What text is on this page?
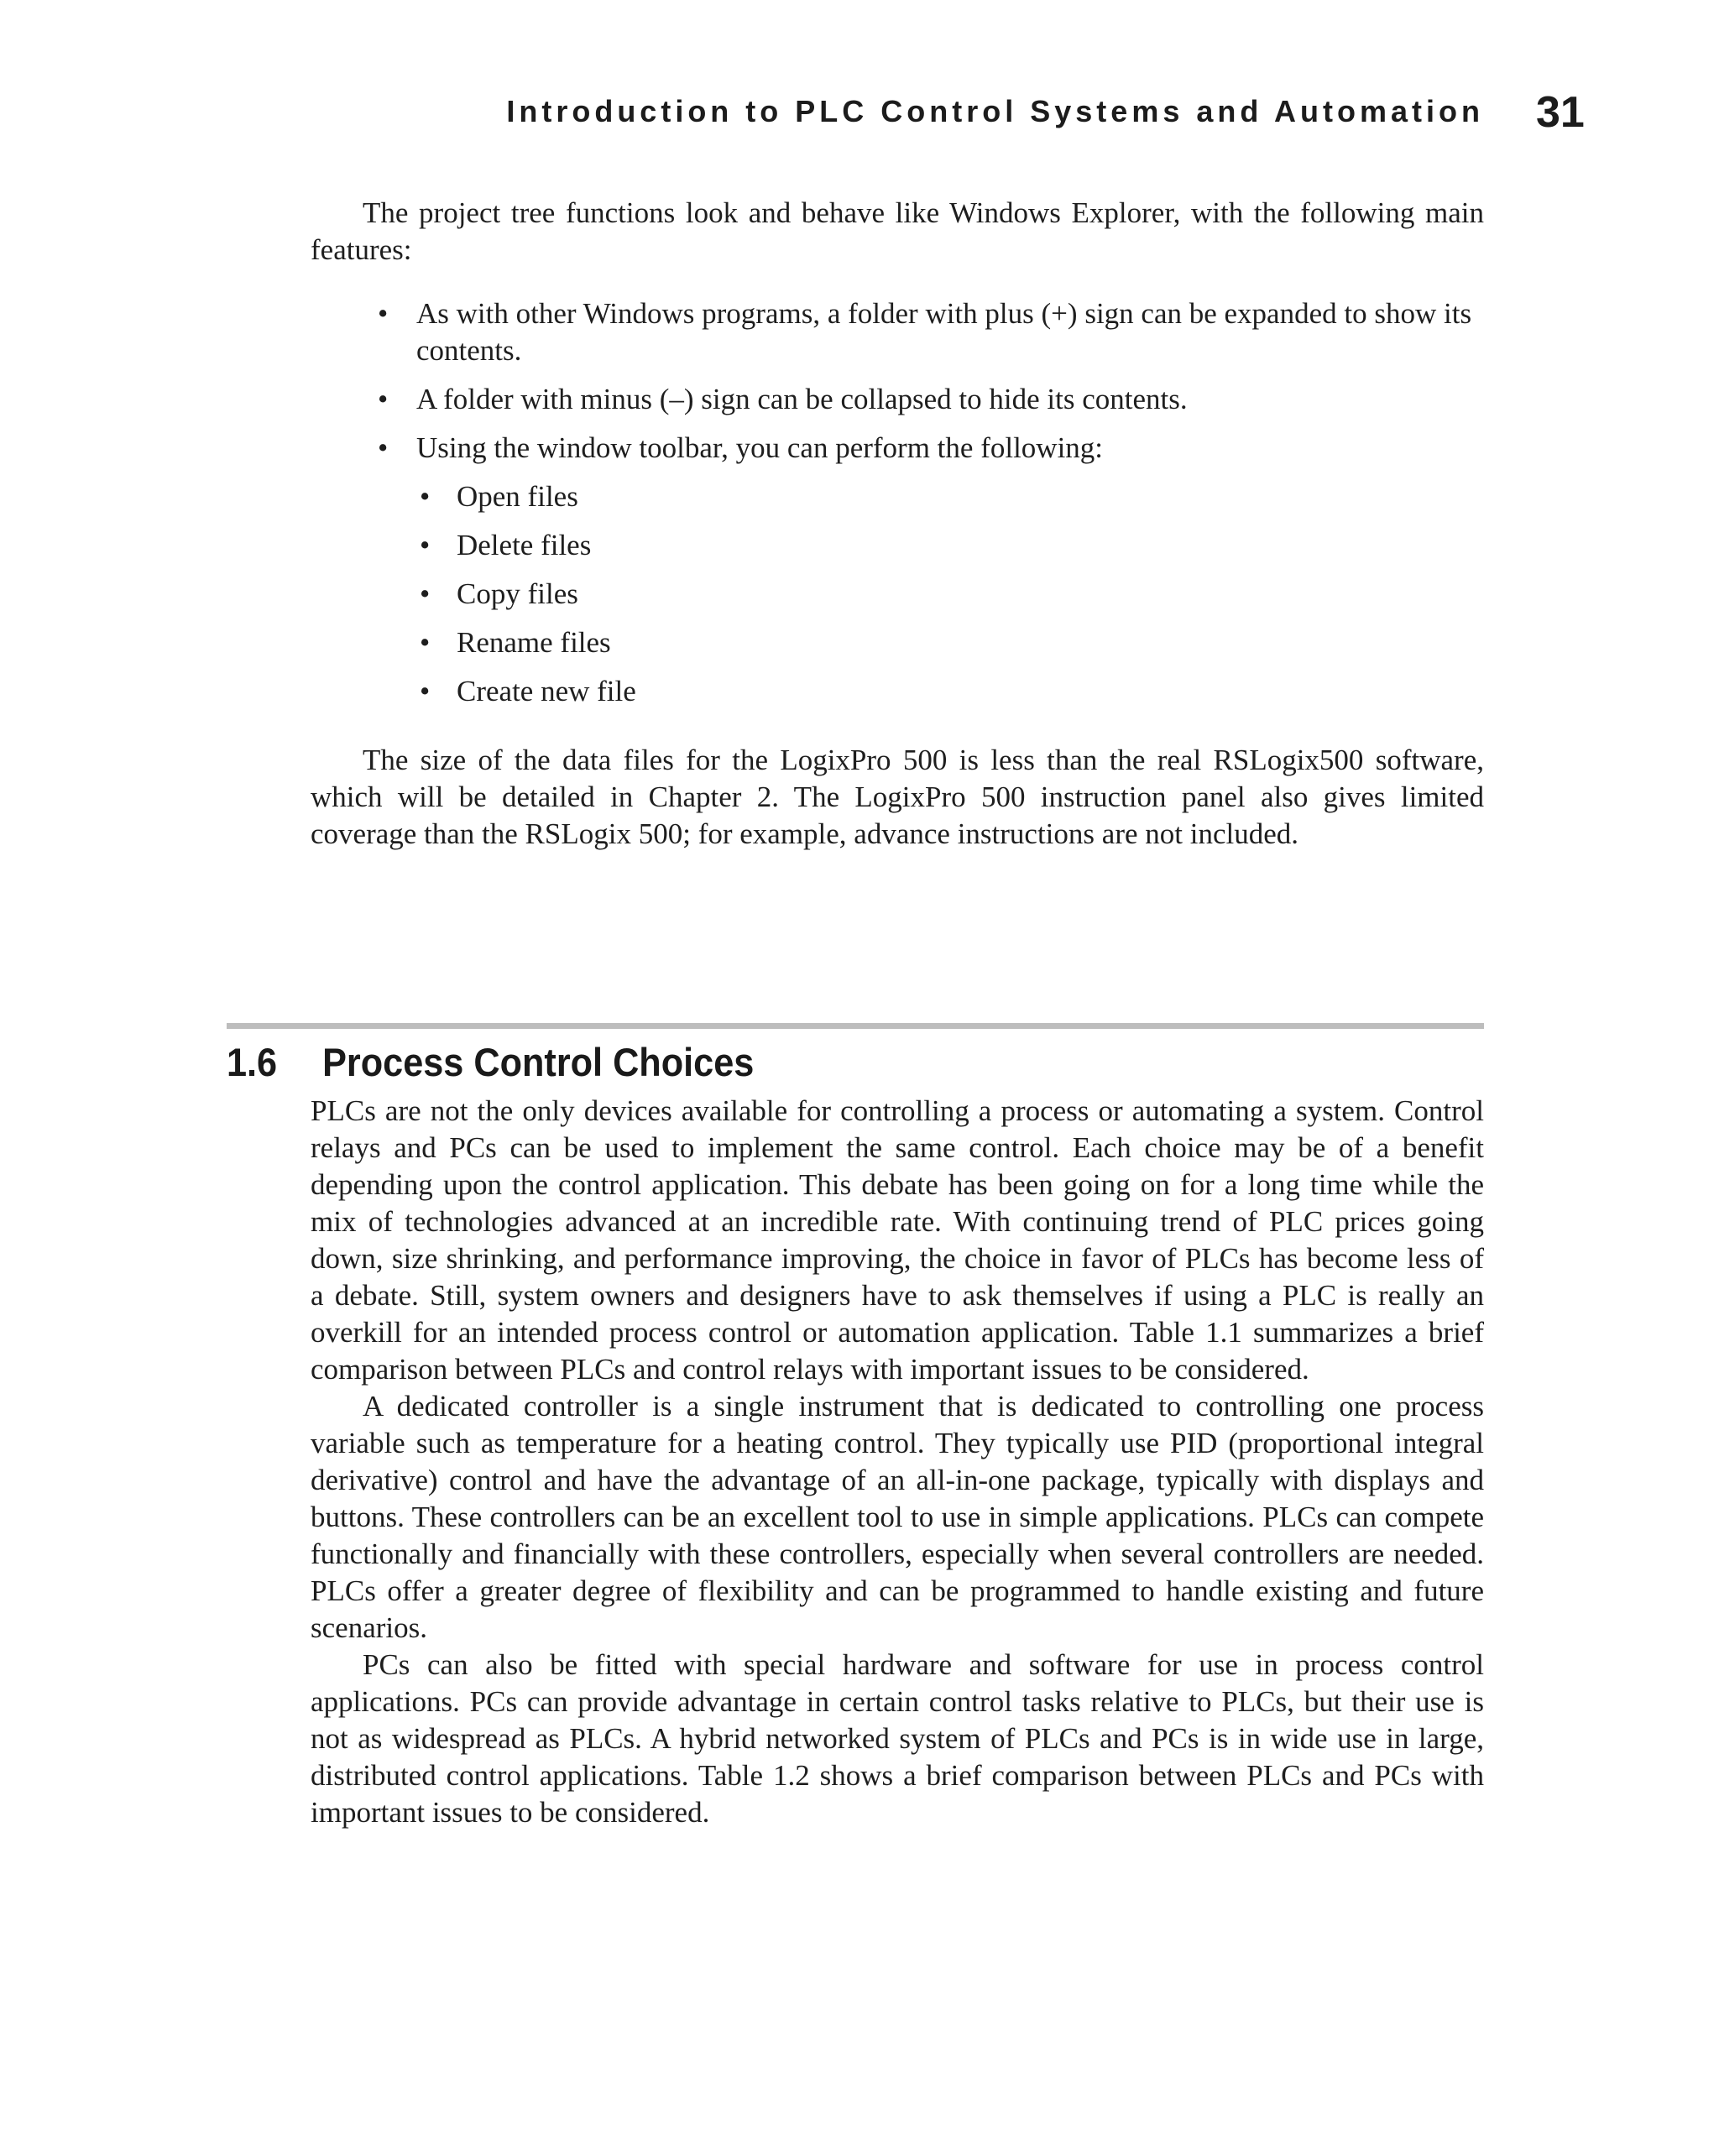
Introduction to PLC Control Systems and Automation 31

The project tree functions look and behave like Windows Explorer, with the following main features:

• As with other Windows programs, a folder with plus (+) sign can be expanded to show its contents.
• A folder with minus (–) sign can be collapsed to hide its contents.
• Using the window toolbar, you can perform the following:
• Open files
• Delete files
• Copy files
• Rename files
• Create new file

The size of the data files for the LogixPro 500 is less than the real RSLogix500 software, which will be detailed in Chapter 2. The LogixPro 500 instruction panel also gives limited coverage than the RSLogix 500; for example, advance instructions are not included.

1.6 Process Control Choices

PLCs are not the only devices available for controlling a process or automating a system. Control relays and PCs can be used to implement the same control. Each choice may be of a benefit depending upon the control application. This debate has been going on for a long time while the mix of technologies advanced at an incredible rate. With continuing trend of PLC prices going down, size shrinking, and performance improving, the choice in favor of PLCs has become less of a debate. Still, system owners and designers have to ask themselves if using a PLC is really an overkill for an intended process control or automation application. Table 1.1 summarizes a brief comparison between PLCs and control relays with important issues to be considered.

A dedicated controller is a single instrument that is dedicated to controlling one process variable such as temperature for a heating control. They typically use PID (proportional integral derivative) control and have the advantage of an all-in-one package, typically with displays and buttons. These controllers can be an excellent tool to use in simple applications. PLCs can compete functionally and financially with these controllers, especially when several controllers are needed. PLCs offer a greater degree of flexibility and can be programmed to handle existing and future scenarios.

PCs can also be fitted with special hardware and software for use in process control applications. PCs can provide advantage in certain control tasks relative to PLCs, but their use is not as widespread as PLCs. A hybrid networked system of PLCs and PCs is in wide use in large, distributed control applications. Table 1.2 shows a brief comparison between PLCs and PCs with important issues to be considered.
